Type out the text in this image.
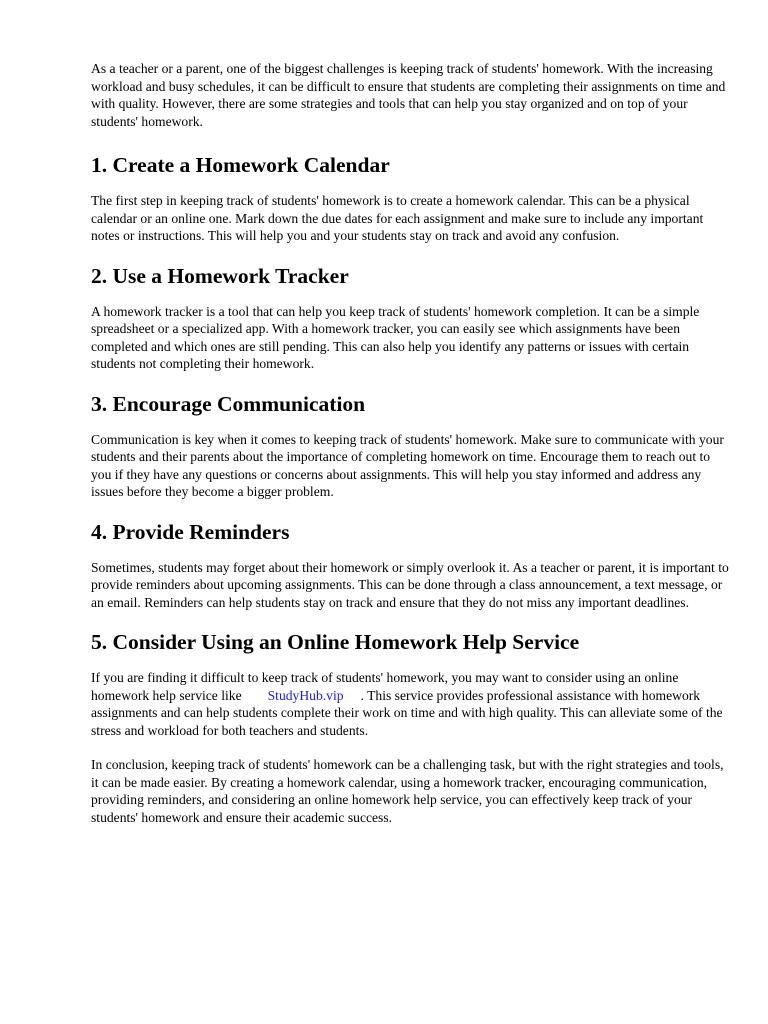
As a teacher or a parent, one of the biggest challenges is keeping track of students' homework. With the increasing workload and busy schedules, it can be difficult to ensure that students are completing their assignments on time and with quality. However, there are some strategies and tools that can help you stay organized and on top of your students' homework.

1. Create a Homework Calendar

The first step in keeping track of students' homework is to create a homework calendar. This can be a physical calendar or an online one. Mark down the due dates for each assignment and make sure to include any important notes or instructions. This will help you and your students stay on track and avoid any confusion.

2. Use a Homework Tracker

A homework tracker is a tool that can help you keep track of students' homework completion. It can be a simple spreadsheet or a specialized app. With a homework tracker, you can easily see which assignments have been completed and which ones are still pending. This can also help you identify any patterns or issues with certain students not completing their homework.

3. Encourage Communication

Communication is key when it comes to keeping track of students' homework. Make sure to communicate with your students and their parents about the importance of completing homework on time. Encourage them to reach out to you if they have any questions or concerns about assignments. This will help you stay informed and address any issues before they become a bigger problem.

4. Provide Reminders

Sometimes, students may forget about their homework or simply overlook it. As a teacher or parent, it is important to provide reminders about upcoming assignments. This can be done through a class announcement, a text message, or an email. Reminders can help students stay on track and ensure that they do not miss any important deadlines.

5. Consider Using an Online Homework Help Service

If you are finding it difficult to keep track of students' homework, you may want to consider using an online homework help service like StudyHub.vip . This service provides professional assistance with homework assignments and can help students complete their work on time and with high quality. This can alleviate some of the stress and workload for both teachers and students.

In conclusion, keeping track of students' homework can be a challenging task, but with the right strategies and tools, it can be made easier. By creating a homework calendar, using a homework tracker, encouraging communication, providing reminders, and considering an online homework help service, you can effectively keep track of your students' homework and ensure their academic success.
